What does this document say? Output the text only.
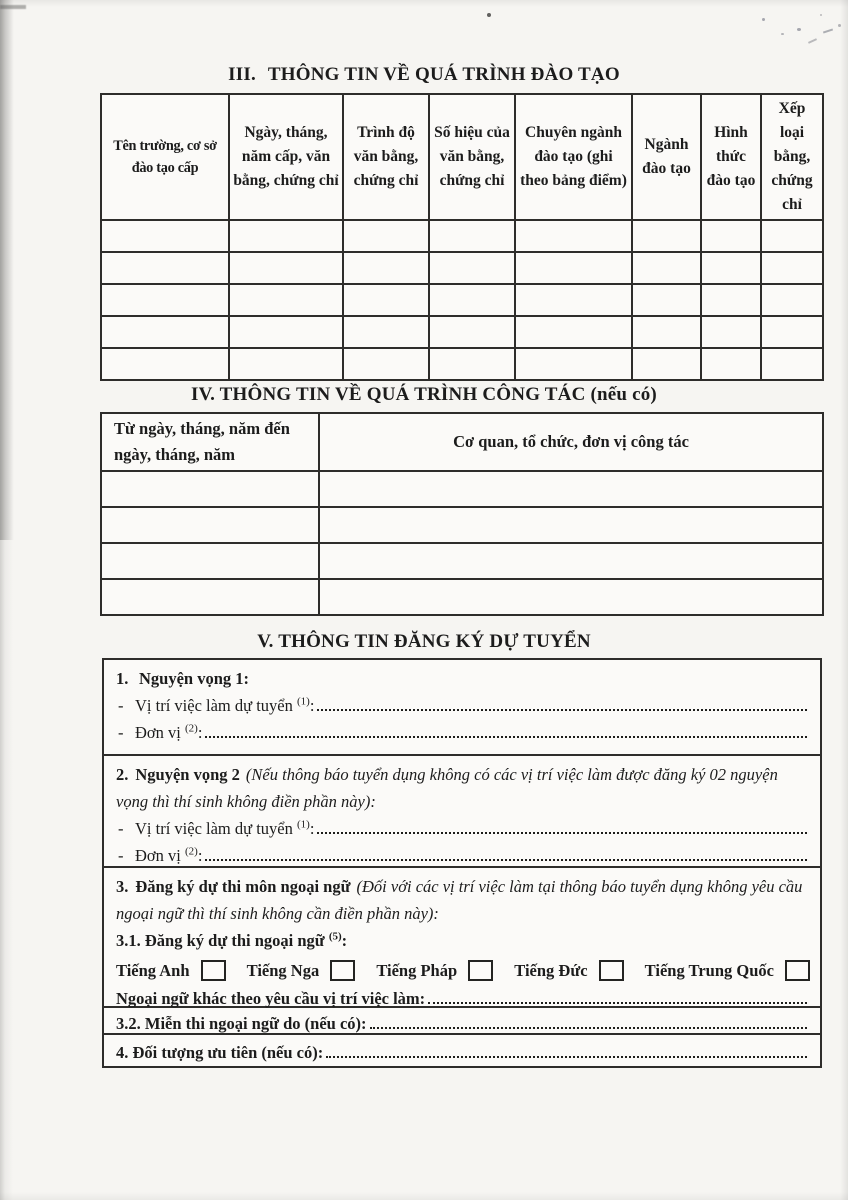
III. THÔNG TIN VỀ QUÁ TRÌNH ĐÀO TẠO
Tên trường, cơ sở đào tạo cấp	Ngày, tháng, năm cấp, văn bằng, chứng chỉ	Trình độ văn bằng, chứng chỉ	Số hiệu của văn bằng, chứng chỉ	Chuyên ngành đào tạo (ghi theo bảng điểm)	Ngành đào tạo	Hình thức đào tạo	Xếp loại bằng, chứng chỉ

IV. THÔNG TIN VỀ QUÁ TRÌNH CÔNG TÁC (nếu có)
Từ ngày, tháng, năm đến ngày, tháng, năm	Cơ quan, tổ chức, đơn vị công tác

V. THÔNG TIN ĐĂNG KÝ DỰ TUYỂN
1. Nguyện vọng 1:
- Vị trí việc làm dự tuyển $^{(1)}$:
- Đơn vị $^{(2)}$:
2. Nguyện vọng 2 (Nếu thông báo tuyển dụng không có các vị trí việc làm được đăng ký 02 nguyện vọng thì thí sinh không điền phần này):
- Vị trí việc làm dự tuyển $^{(1)}$:
- Đơn vị $^{(2)}$:
3. Đăng ký dự thi môn ngoại ngữ (Đối với các vị trí việc làm tại thông báo tuyển dụng không yêu cầu ngoại ngữ thì thí sinh không cần điền phần này):
3.1. Đăng ký dự thi ngoại ngữ $^{(5)}$:
Tiếng Anh	Tiếng Nga	Tiếng Pháp	Tiếng Đức	Tiếng Trung Quốc
Ngoại ngữ khác theo yêu cầu vị trí việc làm:
3.2. Miễn thi ngoại ngữ do (nếu có):
4. Đối tượng ưu tiên (nếu có):
